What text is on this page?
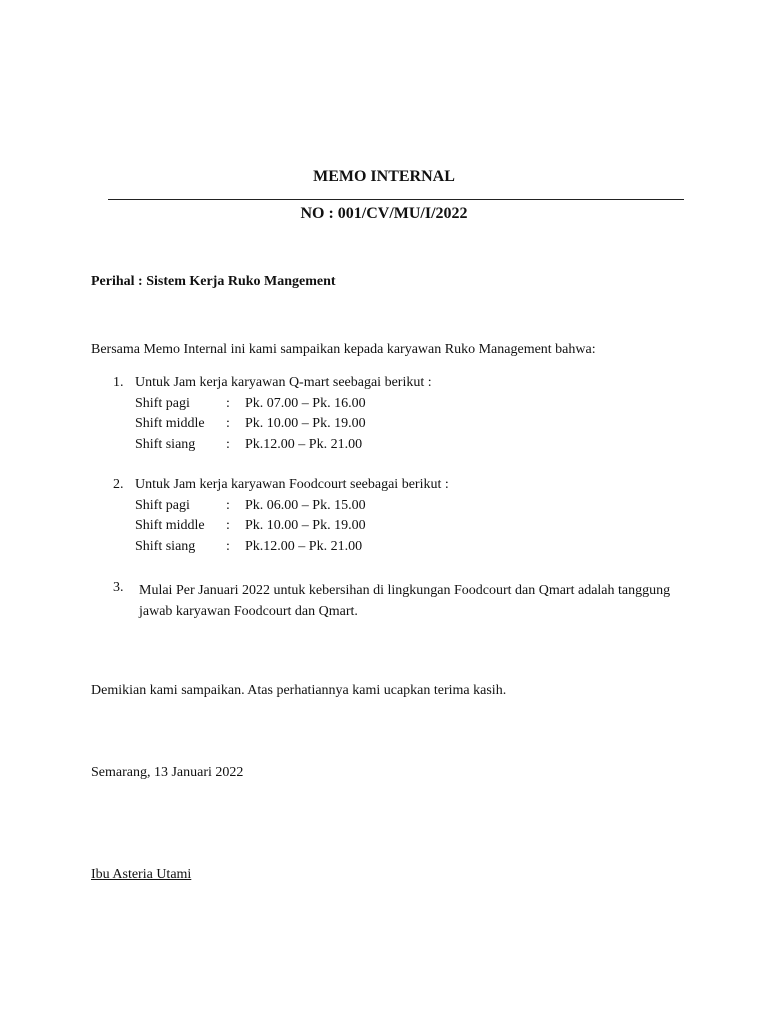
MEMO INTERNAL
NO : 001/CV/MU/I/2022
Perihal : Sistem Kerja Ruko Mangement
Bersama Memo Internal ini kami sampaikan kepada karyawan Ruko Management bahwa:
1. Untuk Jam kerja karyawan Q-mart seebagai berikut :
Shift pagi	: Pk. 07.00 – Pk. 16.00
Shift middle : Pk. 10.00 – Pk. 19.00
Shift siang : Pk.12.00 – Pk. 21.00
2. Untuk Jam kerja karyawan Foodcourt seebagai berikut :
Shift pagi	: Pk. 06.00 – Pk. 15.00
Shift middle : Pk. 10.00 – Pk. 19.00
Shift siang : Pk.12.00 – Pk. 21.00
3. Mulai Per Januari 2022 untuk kebersihan di lingkungan Foodcourt dan Qmart adalah tanggung jawab karyawan Foodcourt dan Qmart.
Demikian kami sampaikan. Atas perhatiannya kami ucapkan terima kasih.
Semarang, 13 Januari 2022
Ibu Asteria Utami
